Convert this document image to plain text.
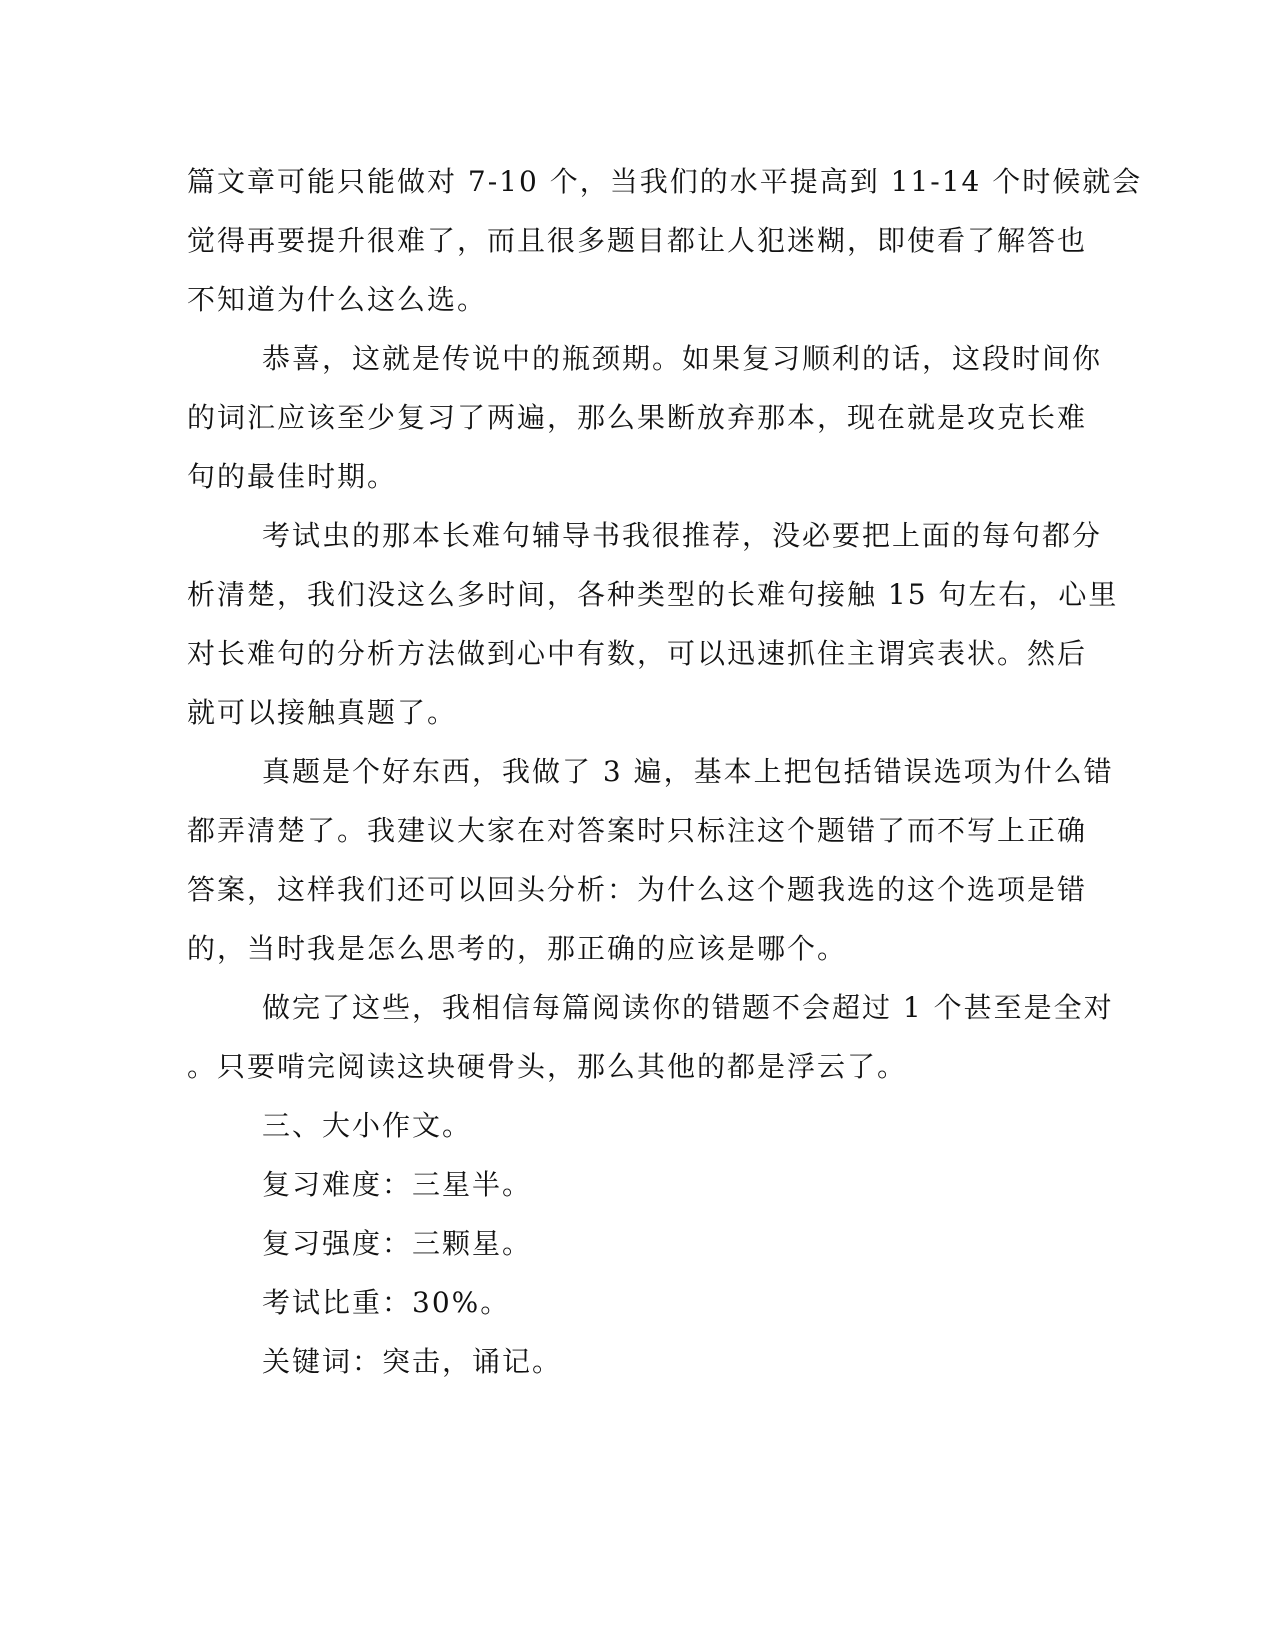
篇文章可能只能做对 7-10 个，当我们的水平提高到 11-14 个时候就会
觉得再要提升很难了，而且很多题目都让人犯迷糊，即使看了解答也
不知道为什么这么选。
恭喜，这就是传说中的瓶颈期。如果复习顺利的话，这段时间你
的词汇应该至少复习了两遍，那么果断放弃那本，现在就是攻克长难
句的最佳时期。
考试虫的那本长难句辅导书我很推荐，没必要把上面的每句都分
析清楚，我们没这么多时间，各种类型的长难句接触 15 句左右，心里
对长难句的分析方法做到心中有数，可以迅速抓住主谓宾表状。然后
就可以接触真题了。
真题是个好东西，我做了 3 遍，基本上把包括错误选项为什么错
都弄清楚了。我建议大家在对答案时只标注这个题错了而不写上正确
答案，这样我们还可以回头分析：为什么这个题我选的这个选项是错
的，当时我是怎么思考的，那正确的应该是哪个。
做完了这些，我相信每篇阅读你的错题不会超过 1 个甚至是全对
。只要啃完阅读这块硬骨头，那么其他的都是浮云了。
三、大小作文。
复习难度：三星半。
复习强度：三颗星。
考试比重：30%。
关键词：突击，诵记。
